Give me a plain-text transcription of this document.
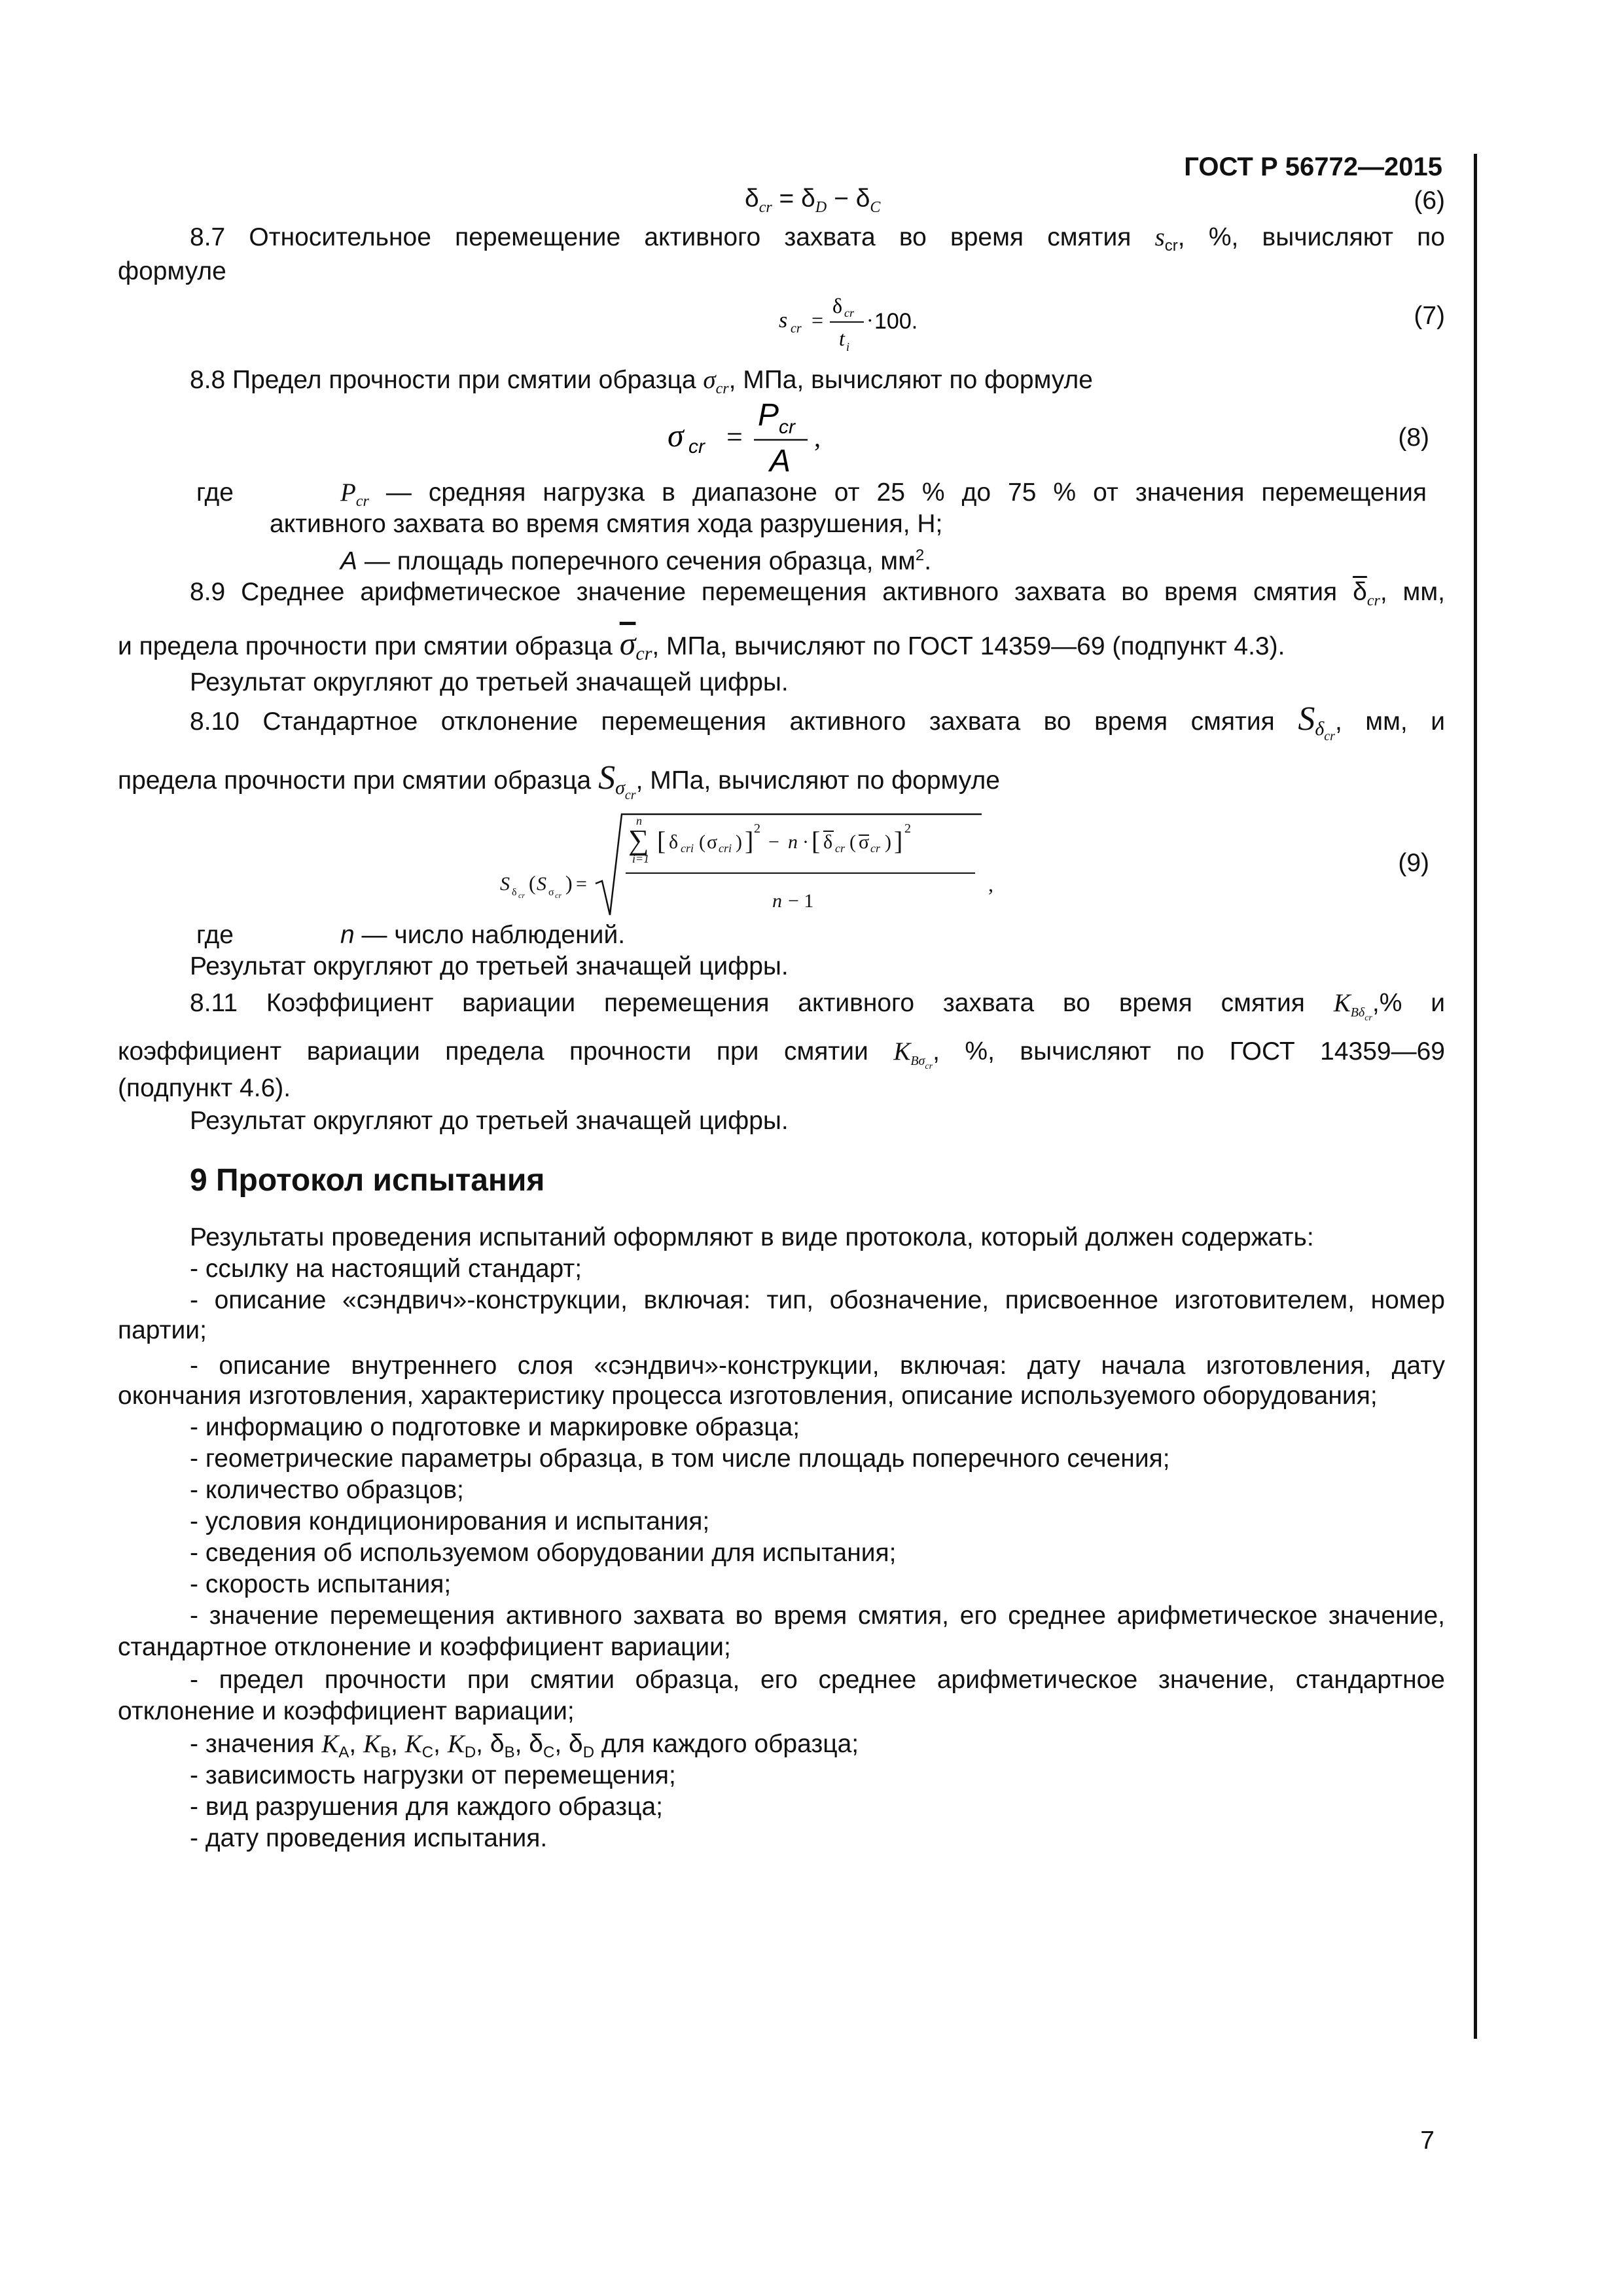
ГОСТ Р 56772—2015
$\delta_{cr} = \delta_D - \delta_C$	(6)
8.7 Относительное перемещение активного захвата во время смятия $s_{cr}$, %, вычисляют по
формуле
s cr =
δ cr
t i
· 100.	(7)
8.8 Предел прочности при смятии образца $\sigma_{cr}$, МПа, вычисляют по формуле
σ cr =
P cr
A
,	(8)
где	$P_{cr}$ — средняя нагрузка в диапазоне от 25 % до 75 % от значения перемещения
активного захвата во время смятия хода разрушения, Н;
A — площадь поперечного сечения образца, $мм^2$.
8.9 Среднее арифметическое значение перемещения активного захвата во время смятия $\overline{\delta}_{cr}$, мм,
и предела прочности при смятии образца $\overline{\sigma}_{cr}$, МПа, вычисляют по ГОСТ 14359—69 (подпункт 4.3).
Результат округляют до третьей значащей цифры.
8.10 Стандартное отклонение перемещения активного захвата во время смятия $S_{\delta cr}$, мм, и
предела прочности при смятии образца $S_{\sigma cr}$, МПа, вычисляют по формуле
S δ cr
( S σ cr
) =
∑
n
i=1
[ δ cri ( σ cri ) ] 2
− n · [ δ cr ( σ cr ) ] 2
n − 1
,
(9)
где	n — число наблюдений.
Результат округляют до третьей значащей цифры.
8.11 Коэффициент вариации перемещения активного захвата во время смятия $K_{B\delta cr},\%$ и
коэффициент вариации предела прочности при смятии $K_{B\sigma cr}$, %, вычисляют по ГОСТ 14359—69
(подпункт 4.6).
Результат округляют до третьей значащей цифры.
9 Протокол испытания
Результаты проведения испытаний оформляют в виде протокола, который должен содержать:
- ссылку на настоящий стандарт;
- описание «сэндвич»-конструкции, включая: тип, обозначение, присвоенное изготовителем, номер
партии;
- описание внутреннего слоя «сэндвич»-конструкции, включая: дату начала изготовления, дату
окончания изготовления, характеристику процесса изготовления, описание используемого оборудования;
- информацию о подготовке и маркировке образца;
- геометрические параметры образца, в том числе площадь поперечного сечения;
- количество образцов;
- условия кондиционирования и испытания;
- сведения об используемом оборудовании для испытания;
- скорость испытания;
- значение перемещения активного захвата во время смятия, его среднее арифметическое значение,
стандартное отклонение и коэффициент вариации;
- предел прочности при смятии образца, его среднее арифметическое значение, стандартное
отклонение и коэффициент вариации;
- значения $K_A$, $K_B$, $K_C$, $K_D$, $\delta_B$, $\delta_C$, $\delta_D$ для каждого образца;
- зависимость нагрузки от перемещения;
- вид разрушения для каждого образца;
- дату проведения испытания.
7
